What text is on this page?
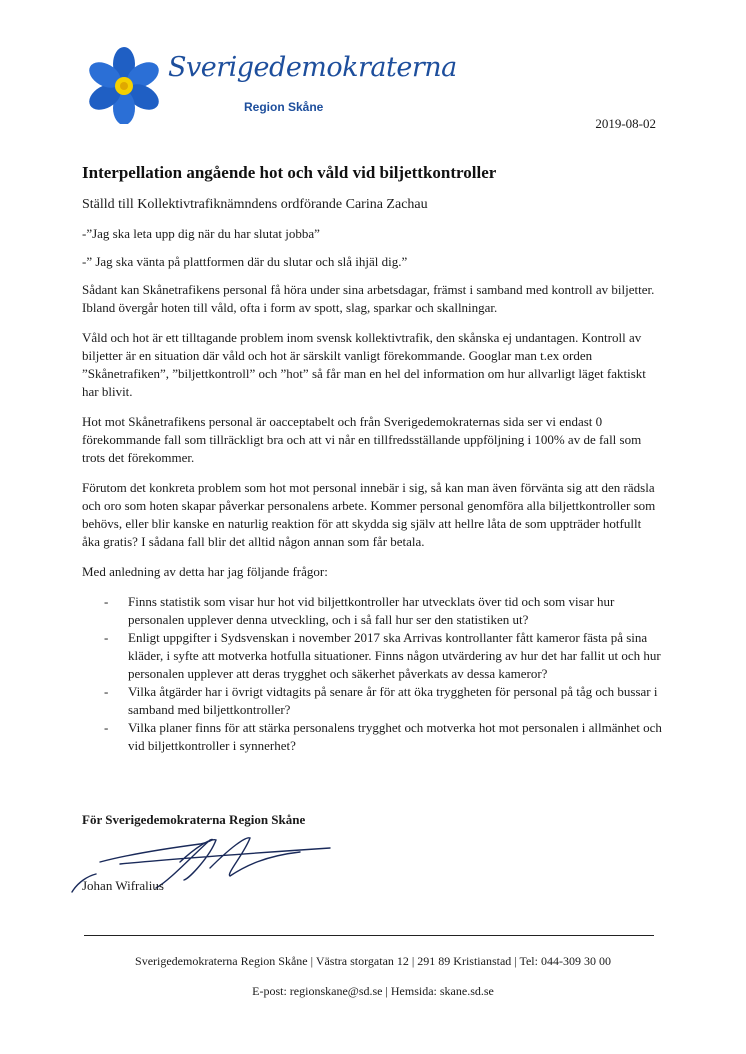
Sverigedemokraterna
Region Skåne
2019-08-02
Interpellation angående hot och våld vid biljettkontroller
Ställd till Kollektivtrafiknämndens ordförande Carina Zachau

-”Jag ska leta upp dig när du har slutat jobba”

-” Jag ska vänta på plattformen där du slutar och slå ihjäl dig.”

Sådant kan Skånetrafikens personal få höra under sina arbetsdagar, främst i samband med kontroll av biljetter. Ibland övergår hoten till våld, ofta i form av spott, slag, sparkar och skallningar.

Våld och hot är ett tilltagande problem inom svensk kollektivtrafik, den skånska ej undantagen. Kontroll av biljetter är en situation där våld och hot är särskilt vanligt förekommande. Googlar man t.ex orden ”Skånetrafiken”, ”biljettkontroll” och ”hot” så får man en hel del information om hur allvarligt läget faktiskt har blivit.

Hot mot Skånetrafikens personal är oacceptabelt och från Sverigedemokraternas sida ser vi endast 0 förekommande fall som tillräckligt bra och att vi når en tillfredsställande uppföljning i 100% av de fall som trots det förekommer.

Förutom det konkreta problem som hot mot personal innebär i sig, så kan man även förvänta sig att den rädsla och oro som hoten skapar påverkar personalens arbete. Kommer personal genomföra alla biljettkontroller som behövs, eller blir kanske en naturlig reaktion för att skydda sig själv att hellre låta de som uppträder hotfullt åka gratis? I sådana fall blir det alltid någon annan som får betala.

Med anledning av detta har jag följande frågor:

- Finns statistik som visar hur hot vid biljettkontroller har utvecklats över tid och som visar hur personalen upplever denna utveckling, och i så fall hur ser den statistiken ut?
- Enligt uppgifter i Sydsvenskan i november 2017 ska Arrivas kontrollanter fått kameror fästa på sina kläder, i syfte att motverka hotfulla situationer. Finns någon utvärdering av hur det har fallit ut och hur personalen upplever att deras trygghet och säkerhet påverkats av dessa kameror?
- Vilka åtgärder har i övrigt vidtagits på senare år för att öka tryggheten för personal på tåg och bussar i samband med biljettkontroller?
- Vilka planer finns för att stärka personalens trygghet och motverka hot mot personalen i allmänhet och vid biljettkontroller i synnerhet?
För Sverigedemokraterna Region Skåne
Johan Wifralius
Sverigedemokraterna Region Skåne | Västra storgatan 12 | 291 89 Kristianstad | Tel: 044-309 30 00
E-post: regionskane@sd.se | Hemsida: skane.sd.se
